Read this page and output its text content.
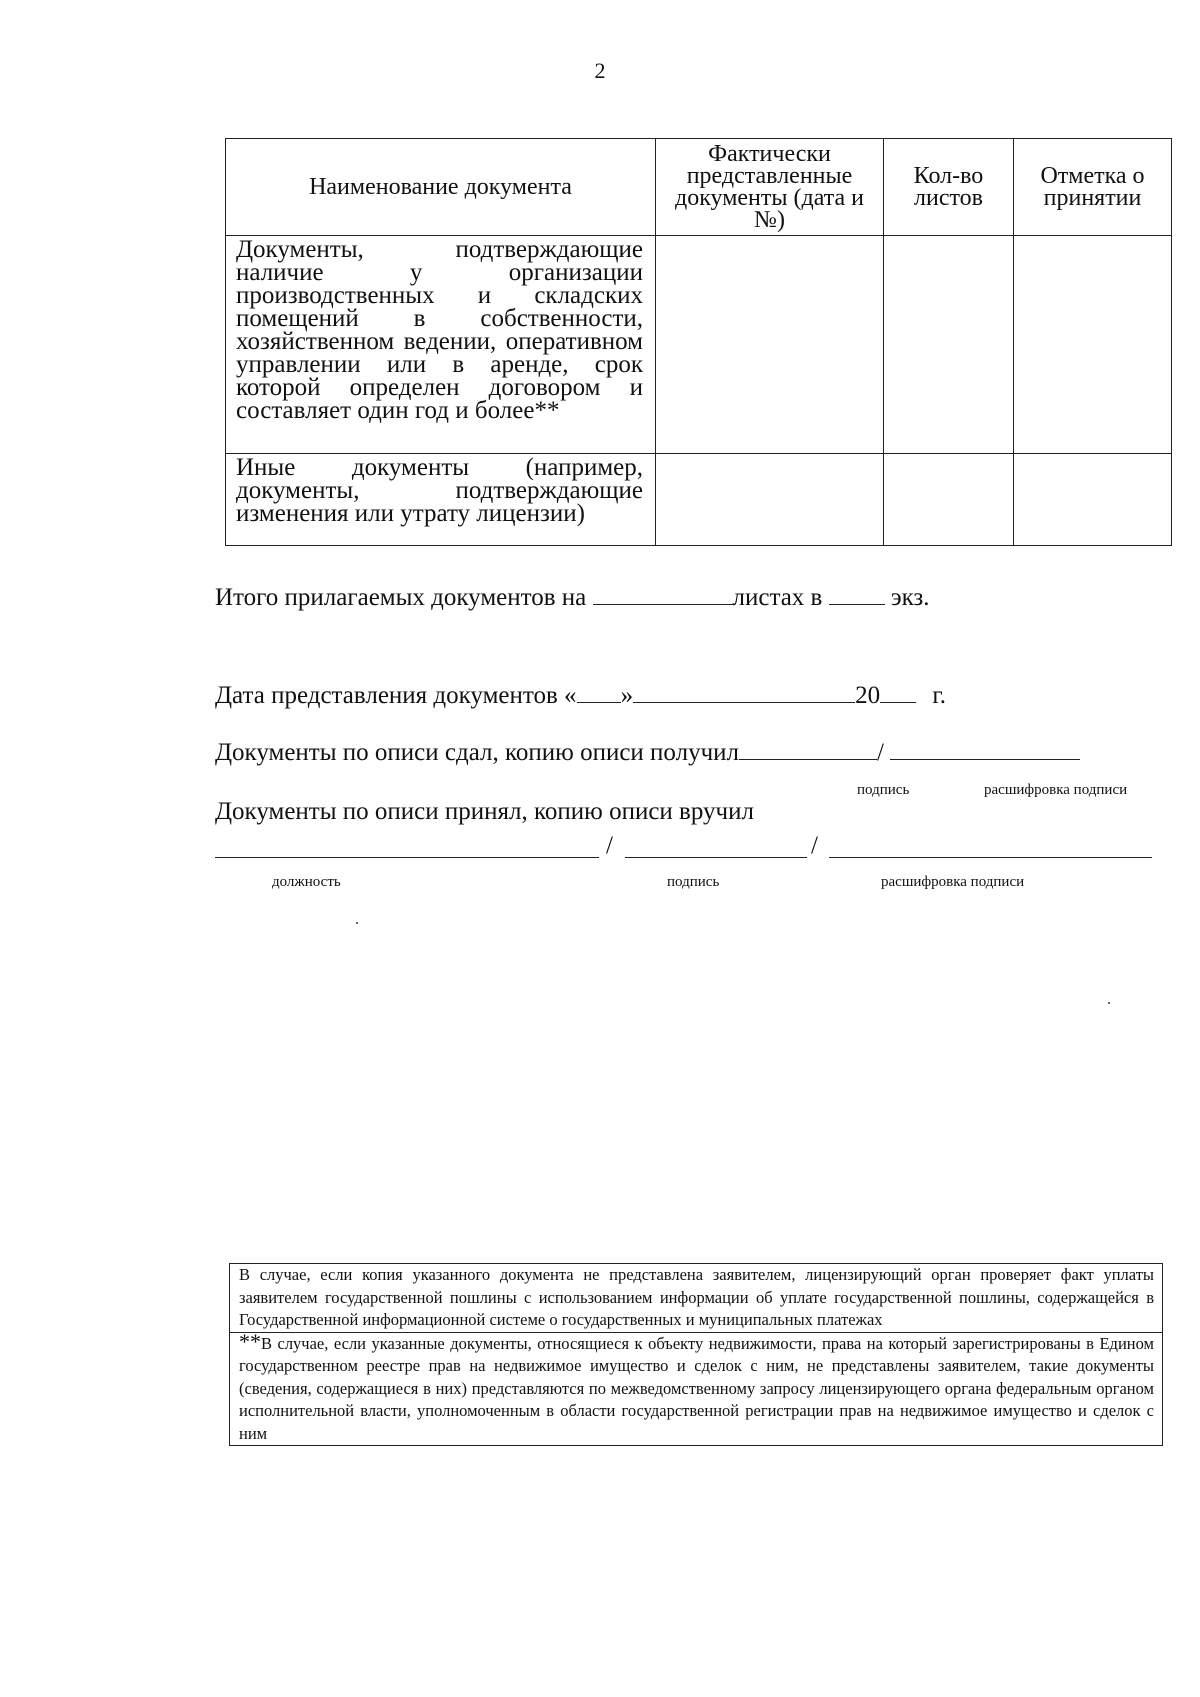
2
Наименование документа	Фактически представленные документы (дата и №)	Кол-во листов	Отметка о принятии
Документы, подтверждающие наличие у организации производственных и складских помещений в собственности, хозяйственном ведении, оперативном управлении или в аренде, срок которой определен договором и составляет один год и более**			
Иные документы (например, документы, подтверждающие изменения или утрату лицензии)			
Итого прилагаемых документов на	листах в	экз.
Дата представления документов « »	20 г.
Документы по описи сдал, копию описи получил	/
подпись	расшифровка подписи
Документы по описи принял, копию описи вручил
/	/
должность	подпись	расшифровка подписи
В случае, если копия указанного документа не представлена заявителем, лицензирующий орган проверяет факт уплаты заявителем государственной пошлины с использованием информации об уплате государственной пошлины, содержащейся в Государственной информационной системе о государственных и муниципальных платежах
**В случае, если указанные документы, относящиеся к объекту недвижимости, права на который зарегистрированы в Едином государственном реестре прав на недвижимое имущество и сделок с ним, не представлены заявителем, такие документы (сведения, содержащиеся в них) представляются по межведомственному запросу лицензирующего органа федеральным органом исполнительной власти, уполномоченным в области государственной регистрации прав на недвижимое имущество и сделок с ним
